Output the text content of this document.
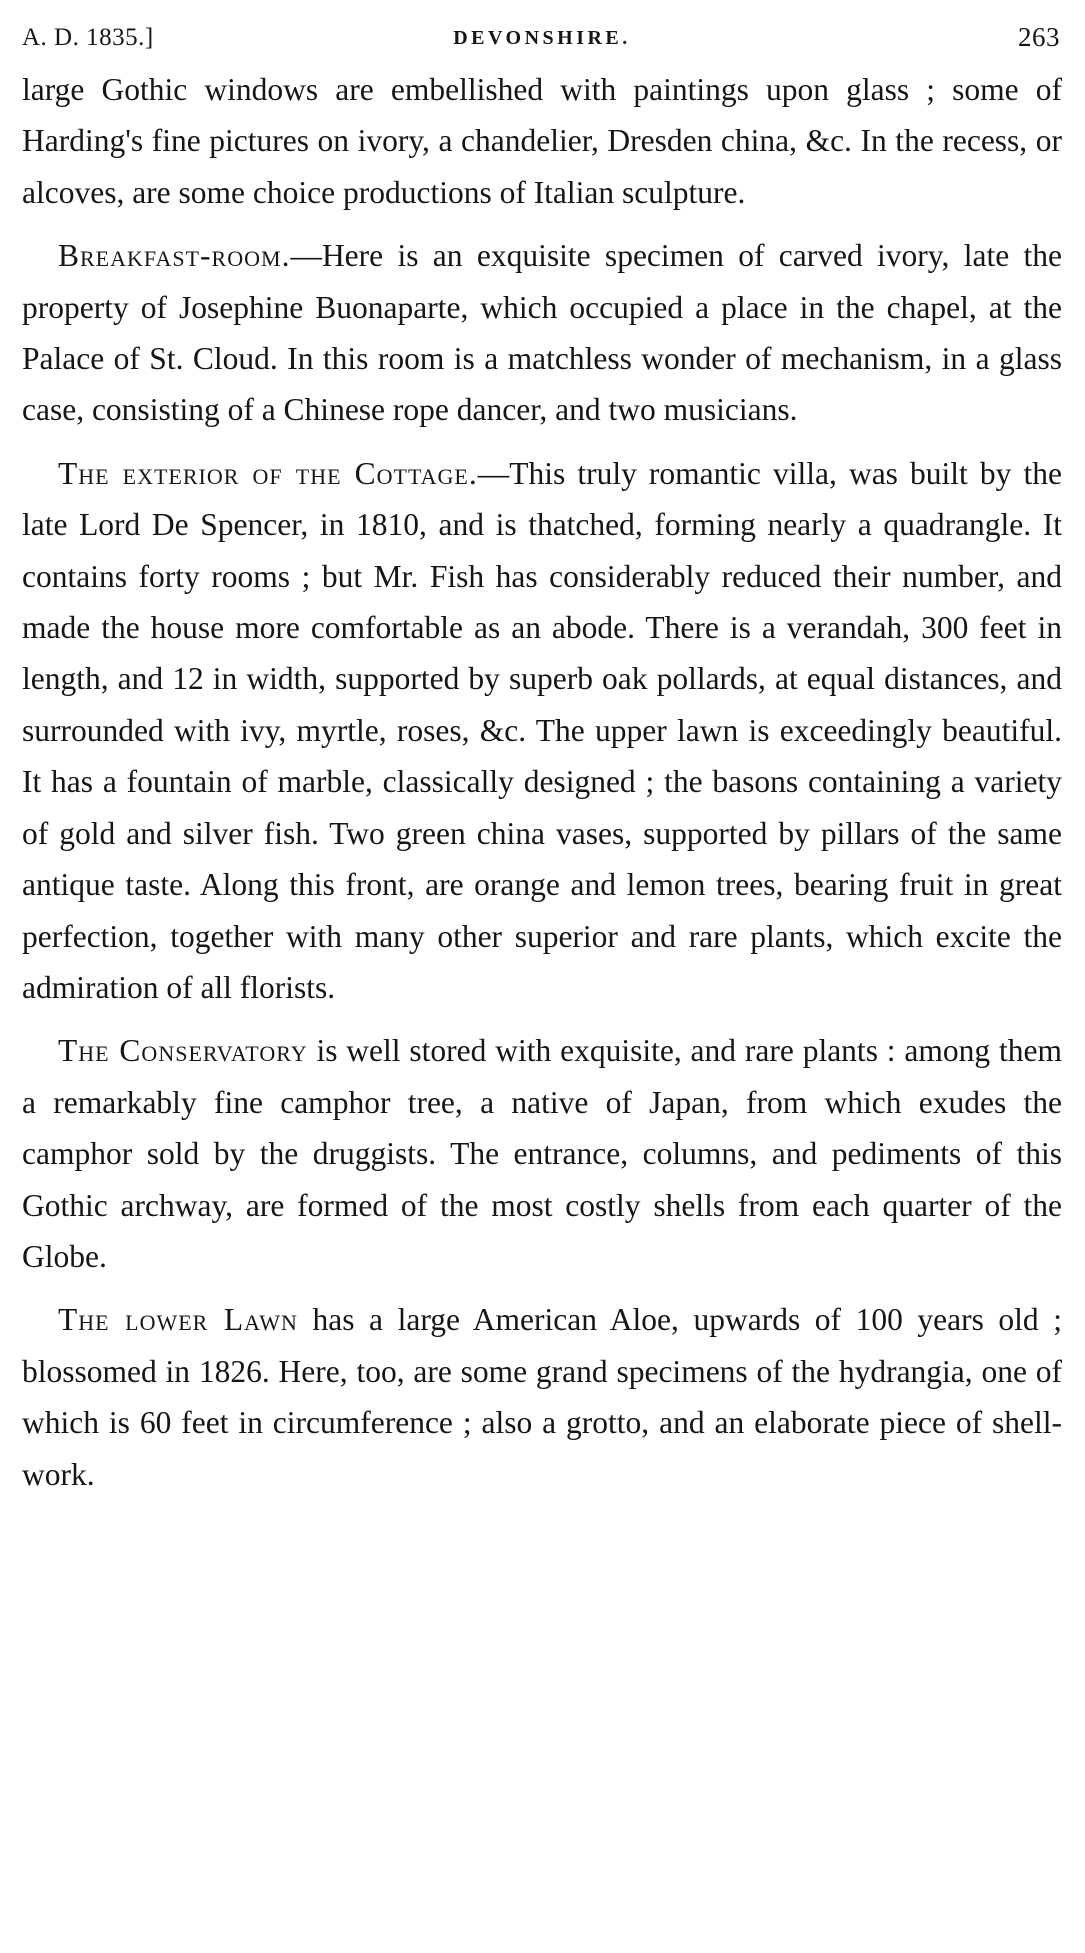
A. D. 1835.]	DEVONSHIRE.	263

large Gothic windows are embellished with paintings upon glass ; some of Harding's fine pictures on ivory, a chandelier, Dresden china, &c. In the recess, or alcoves, are some choice productions of Italian sculpture.

Breakfast-room.—Here is an exquisite specimen of carved ivory, late the property of Josephine Buonaparte, which occupied a place in the chapel, at the Palace of St. Cloud. In this room is a matchless wonder of mechanism, in a glass case, consisting of a Chinese rope dancer, and two musicians.

The exterior of the Cottage.—This truly romantic villa, was built by the late Lord De Spencer, in 1810, and is thatched, forming nearly a quadrangle. It contains forty rooms ; but Mr. Fish has considerably reduced their number, and made the house more comfortable as an abode. There is a verandah, 300 feet in length, and 12 in width, supported by superb oak pollards, at equal distances, and surrounded with ivy, myrtle, roses, &c. The upper lawn is exceedingly beautiful. It has a fountain of marble, classically designed ; the basons containing a variety of gold and silver fish. Two green china vases, supported by pillars of the same antique taste. Along this front, are orange and lemon trees, bearing fruit in great perfection, together with many other superior and rare plants, which excite the admiration of all florists.

The Conservatory is well stored with exquisite, and rare plants : among them a remarkably fine camphor tree, a native of Japan, from which exudes the camphor sold by the druggists. The entrance, columns, and pediments of this Gothic archway, are formed of the most costly shells from each quarter of the Globe.

The lower Lawn has a large American Aloe, upwards of 100 years old ; blossomed in 1826. Here, too, are some grand specimens of the hydrangia, one of which is 60 feet in circumference ; also a grotto, and an elaborate piece of shellwork.
